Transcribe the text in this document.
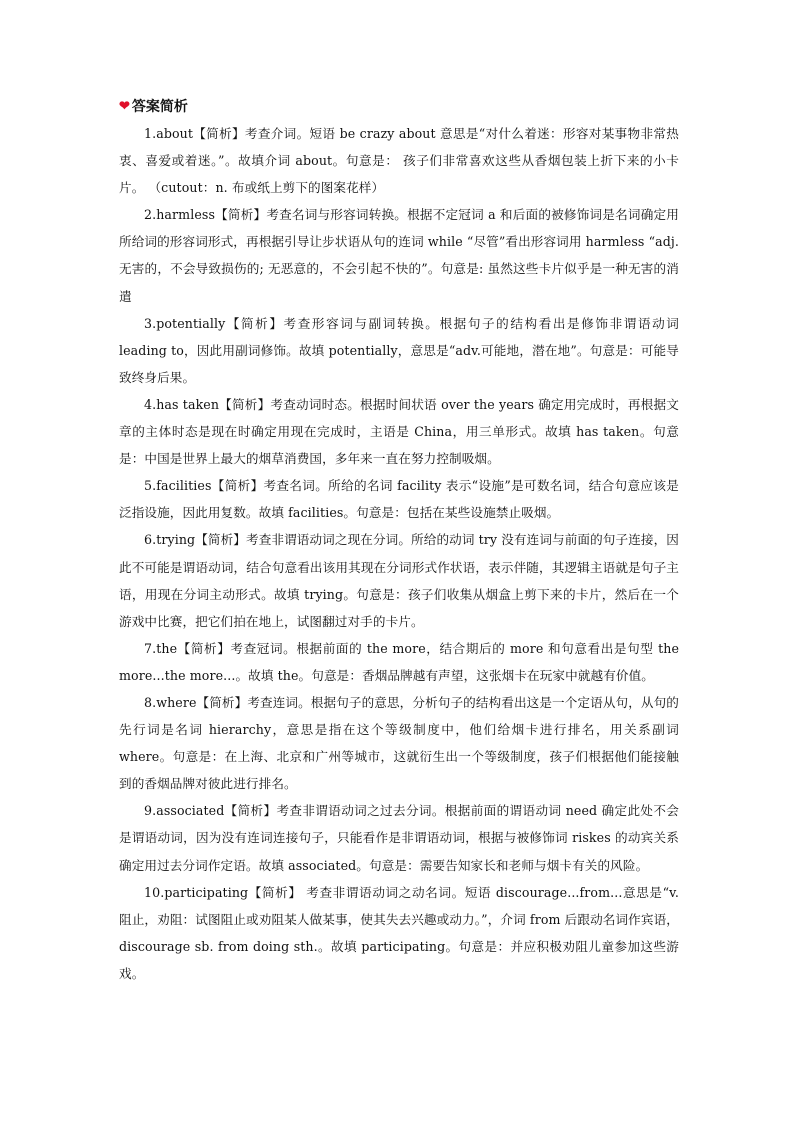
❤ 答案简析

1.about【简析】考查介词。短语 be crazy about 意思是“对什么着迷：形容对某事物非常热衷、喜爱或着迷。”。故填介词 about。句意是： 孩子们非常喜欢这些从香烟包装上折下来的小卡片。 （cutout：n. 布或纸上剪下的图案花样）

2.harmless【简析】考查名词与形容词转换。根据不定冠词 a 和后面的被修饰词是名词确定用所给词的形容词形式，再根据引导让步状语从句的连词 while “尽管”看出形容词用 harmless “adj.无害的，不会导致损伤的; 无恶意的，不会引起不快的”。句意是: 虽然这些卡片似乎是一种无害的消遣

3.potentially【简析】考查形容词与副词转换。根据句子的结构看出是修饰非谓语动词 leading to，因此用副词修饰。故填 potentially，意思是“adv.可能地，潜在地”。句意是：可能导致终身后果。

4.has taken【简析】考查动词时态。根据时间状语 over the years 确定用完成时，再根据文章的主体时态是现在时确定用现在完成时，主语是 China，用三单形式。故填 has taken。句意是：中国是世界上最大的烟草消费国，多年来一直在努力控制吸烟。

5.facilities【简析】考查名词。所给的名词 facility 表示“设施”是可数名词，结合句意应该是泛指设施，因此用复数。故填 facilities。句意是：包括在某些设施禁止吸烟。

6.trying【简析】考查非谓语动词之现在分词。所给的动词 try 没有连词与前面的句子连接，因此不可能是谓语动词，结合句意看出该用其现在分词形式作状语，表示伴随，其逻辑主语就是句子主语，用现在分词主动形式。故填 trying。句意是：孩子们收集从烟盒上剪下来的卡片，然后在一个游戏中比赛，把它们拍在地上，试图翻过对手的卡片。

7.the【简析】考查冠词。根据前面的 the more，结合期后的 more 和句意看出是句型 the more...the more...。故填 the。句意是：香烟品牌越有声望，这张烟卡在玩家中就越有价值。

8.where【简析】考查连词。根据句子的意思，分析句子的结构看出这是一个定语从句，从句的先行词是名词 hierarchy，意思是指在这个等级制度中，他们给烟卡进行排名，用关系副词 where。句意是：在上海、北京和广州等城市，这就衍生出一个等级制度，孩子们根据他们能接触到的香烟品牌对彼此进行排名。

9.associated【简析】考查非谓语动词之过去分词。根据前面的谓语动词 need 确定此处不会是谓语动词，因为没有连词连接句子，只能看作是非谓语动词，根据与被修饰词 riskes 的动宾关系确定用过去分词作定语。故填 associated。句意是：需要告知家长和老师与烟卡有关的风险。

10.participating【简析】 考查非谓语动词之动名词。短语 discourage...from...意思是“v. 阻止，劝阻：试图阻止或劝阻某人做某事，使其失去兴趣或动力。”，介词 from 后跟动名词作宾语，discourage sb. from doing sth.。故填 participating。句意是：并应积极劝阻儿童参加这些游戏。
